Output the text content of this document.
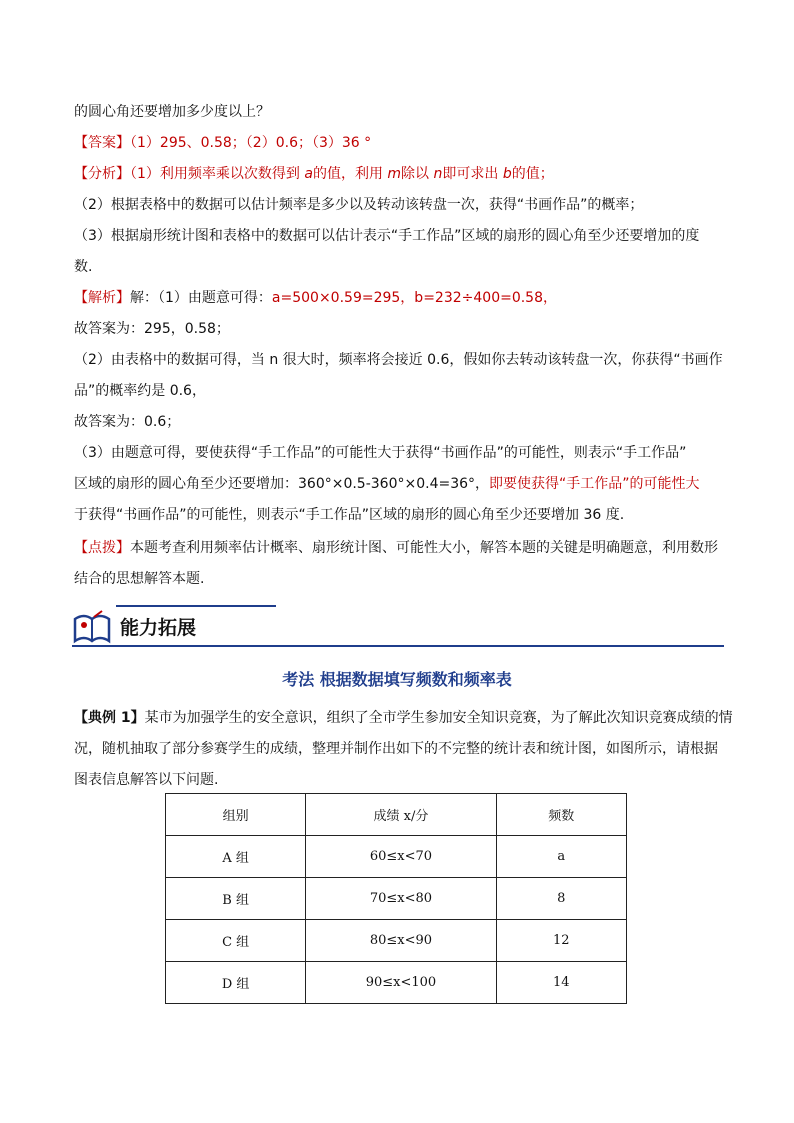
的圆心角还要增加多少度以上？
【答案】（1）295、0.58；（2）0.6；（3）36 °
【分析】（1）利用频率乘以次数得到 a的值，利用 m除以 n即可求出 b的值；
（2）根据表格中的数据可以估计频率是多少以及转动该转盘一次，获得“书画作品”的概率；
（3）根据扇形统计图和表格中的数据可以估计表示“手工作品”区域的扇形的圆心角至少还要增加的度
数.
【解析】解：（1）由题意可得：a=500×0.59=295，b=232÷400=0.58，
故答案为：295，0.58；
（2）由表格中的数据可得，当 n 很大时，频率将会接近 0.6，假如你去转动该转盘一次，你获得“书画作
品”的概率约是 0.6，
故答案为：0.6；
（3）由题意可得，要使获得“手工作品”的可能性大于获得“书画作品”的可能性，则表示“手工作品”
区域的扇形的圆心角至少还要增加：360°×0.5-360°×0.4=36°，即要使获得“手工作品”的可能性大
于获得“书画作品”的可能性，则表示“手工作品”区域的扇形的圆心角至少还要增加 36 度.
【点拨】本题考查利用频率估计概率、扇形统计图、可能性大小，解答本题的关键是明确题意，利用数形
结合的思想解答本题.
能力拓展
考法 根据数据填写频数和频率表
【典例 1】某市为加强学生的安全意识，组织了全市学生参加安全知识竞赛，为了解此次知识竞赛成绩的情
况，随机抽取了部分参赛学生的成绩，整理并制作出如下的不完整的统计表和统计图，如图所示，请根据
图表信息解答以下问题.
组别	成绩 x/分	频数
A 组	60≤x<70	a
B 组	70≤x<80	8
C 组	80≤x<90	12
D 组	90≤x<100	14
